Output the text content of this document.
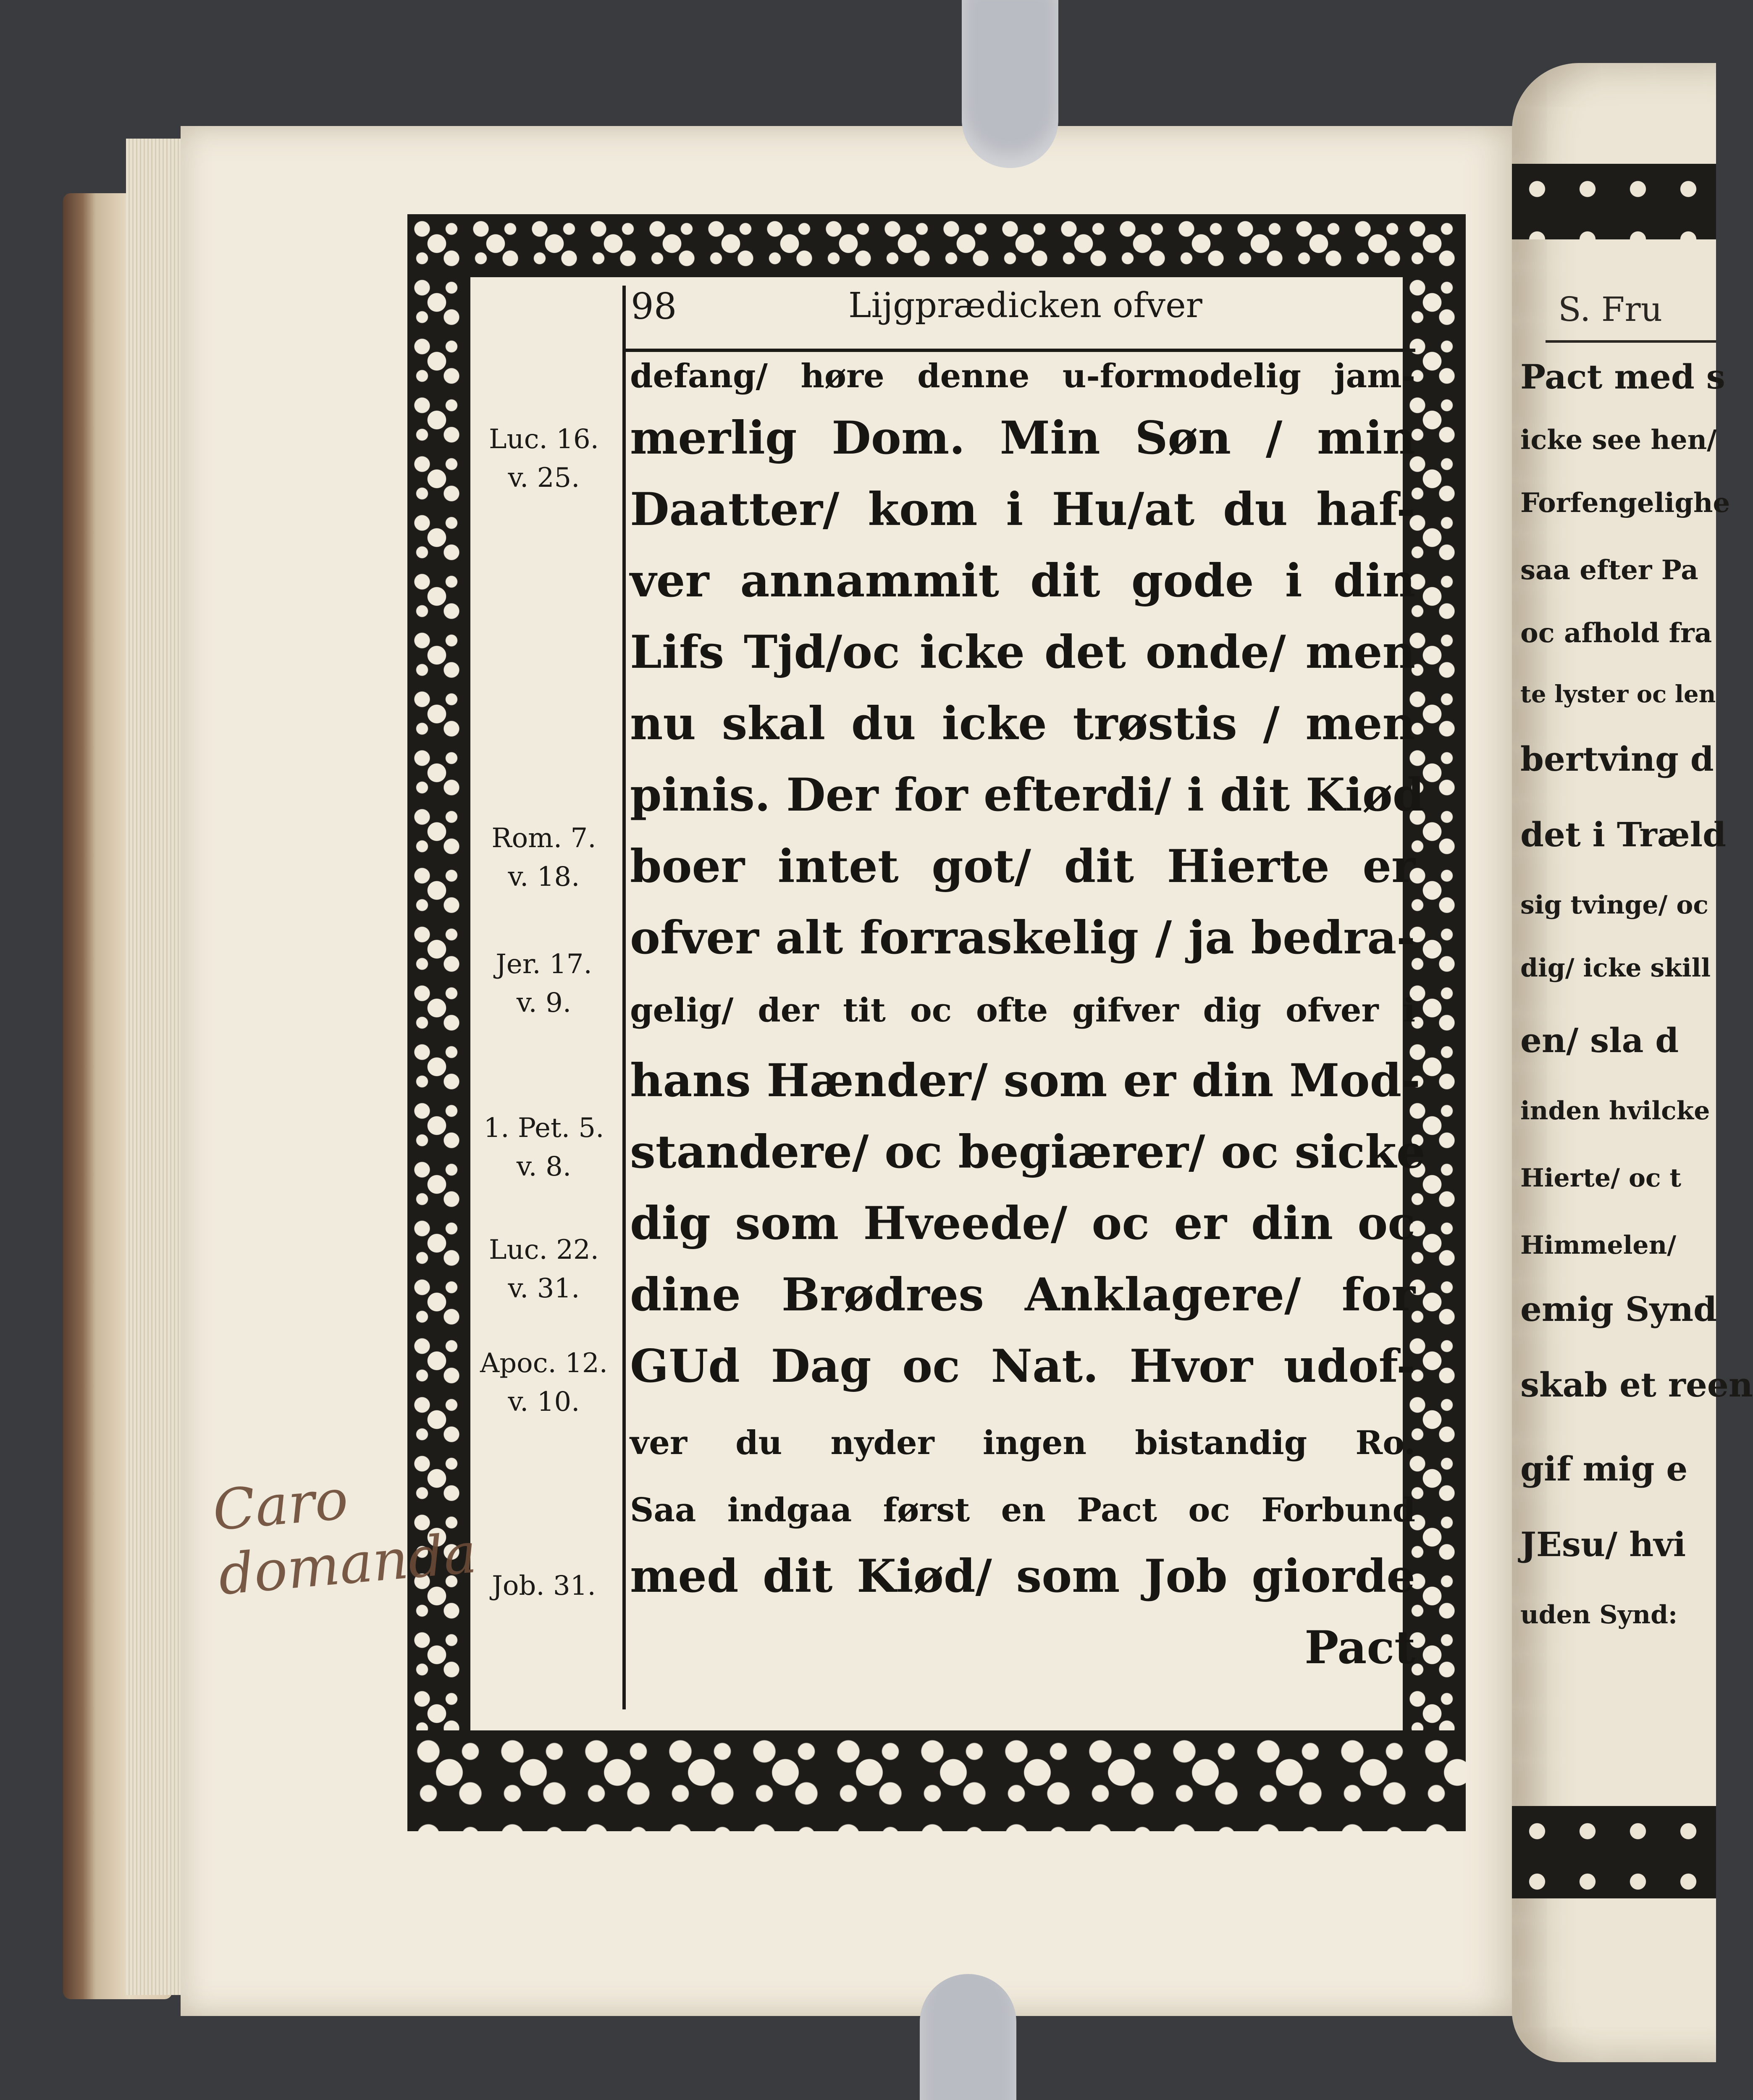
98	Lijgprædicken ofver
Luc. 16.
v. 25.
Rom. 7.
v. 18.
Jer. 17.
v. 9.
1. Pet. 5.
v. 8.
Luc. 22.
v. 31.
Apoc. 12.
v. 10.
Job. 31.
defang/ høre denne u-formodelig jam-
merlig Dom. Min Søn / min
Daatter/ kom i Hu/at du haf-
ver annammit dit gode i din
Lifs Tjd/oc icke det onde/ men
nu skal du icke trøstis / men
pinis. Der for efterdi/ i dit Kiød
boer intet got/ dit Hierte er
ofver alt forraskelig / ja bedra-
gelig/ der tit oc ofte gifver dig ofver i
hans Hænder/ som er din Mod-
standere/ oc begiærer/ oc sicke
dig som Hveede/ oc er din oc
dine Brødres Anklagere/ for
GUd Dag oc Nat. Hvor udof-
ver du nyder ingen bistandig Ro.
Saa indgaa først en Pact oc Forbund
med dit Kiød/ som Job giorde
Pact
Caro domanda
S. Fru
Pact med s
icke see hen/
Forfengelighe
saa efter Pa
oc afhold fra
te lyster oc len
bertving d
det i Træld
sig tvinge/ oc
dig/ icke skill
en/ sla d
inden hvilcke
Hierte/ oc t
Himmelen/
emig Synd
skab et reen
gif mig e
JEsu/ hvi
uden Synd:
